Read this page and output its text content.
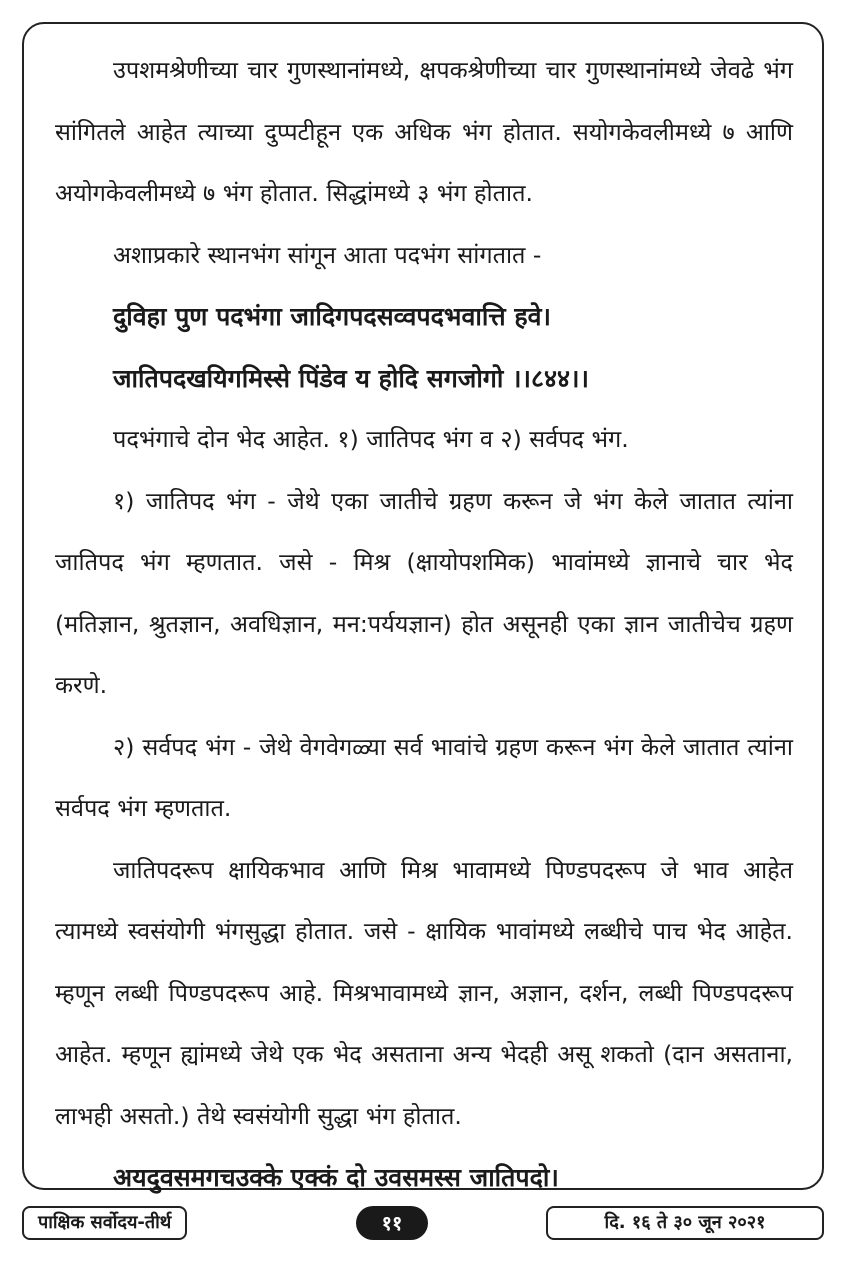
उपशमश्रेणीच्या चार गुणस्थानांमध्ये, क्षपकश्रेणीच्या चार गुणस्थानांमध्ये जेवढे भंग सांगितले आहेत त्याच्या दुप्पटीहून एक अधिक भंग होतात. सयोगकेवलीमध्ये ७ आणि अयोगकेवलीमध्ये ७ भंग होतात. सिद्धांमध्ये ३ भंग होतात.

अशाप्रकारे स्थानभंग सांगून आता पदभंग सांगतात -

दुविहा पुण पदभंगा जादिगपदसव्वपदभवात्ति हवे।

जातिपदखयिगमिस्से पिंडेव य होदि सगजोगो ।।८४४।।

पदभंगाचे दोन भेद आहेत. १) जातिपद भंग व २) सर्वपद भंग.

१) जातिपद भंग - जेथे एका जातीचे ग्रहण करून जे भंग केले जातात त्यांना जातिपद भंग म्हणतात. जसे - मिश्र (क्षायोपशमिक) भावांमध्ये ज्ञानाचे चार भेद (मतिज्ञान, श्रुतज्ञान, अवधिज्ञान, मन:पर्ययज्ञान) होत असूनही एका ज्ञान जातीचेच ग्रहण करणे.

२) सर्वपद भंग - जेथे वेगवेगळ्या सर्व भावांचे ग्रहण करून भंग केले जातात त्यांना सर्वपद भंग म्हणतात.

जातिपदरूप क्षायिकभाव आणि मिश्र भावामध्ये पिण्डपदरूप जे भाव आहेत त्यामध्ये स्वसंयोगी भंगसुद्धा होतात. जसे - क्षायिक भावांमध्ये लब्धीचे पाच भेद आहेत. म्हणून लब्धी पिण्डपदरूप आहे. मिश्रभावामध्ये ज्ञान, अज्ञान, दर्शन, लब्धी पिण्डपदरूप आहेत. म्हणून ह्यांमध्ये जेथे एक भेद असताना अन्य भेदही असू शकतो (दान असताना, लाभही असतो.) तेथे स्वसंयोगी सुद्धा भंग होतात.

अयदुवसमगचउक्के एक्कं दो उवसमस्स जातिपदो।

पाक्षिक सर्वोदय-तीर्थ	११	दि. १६ ते ३० जून २०२१
